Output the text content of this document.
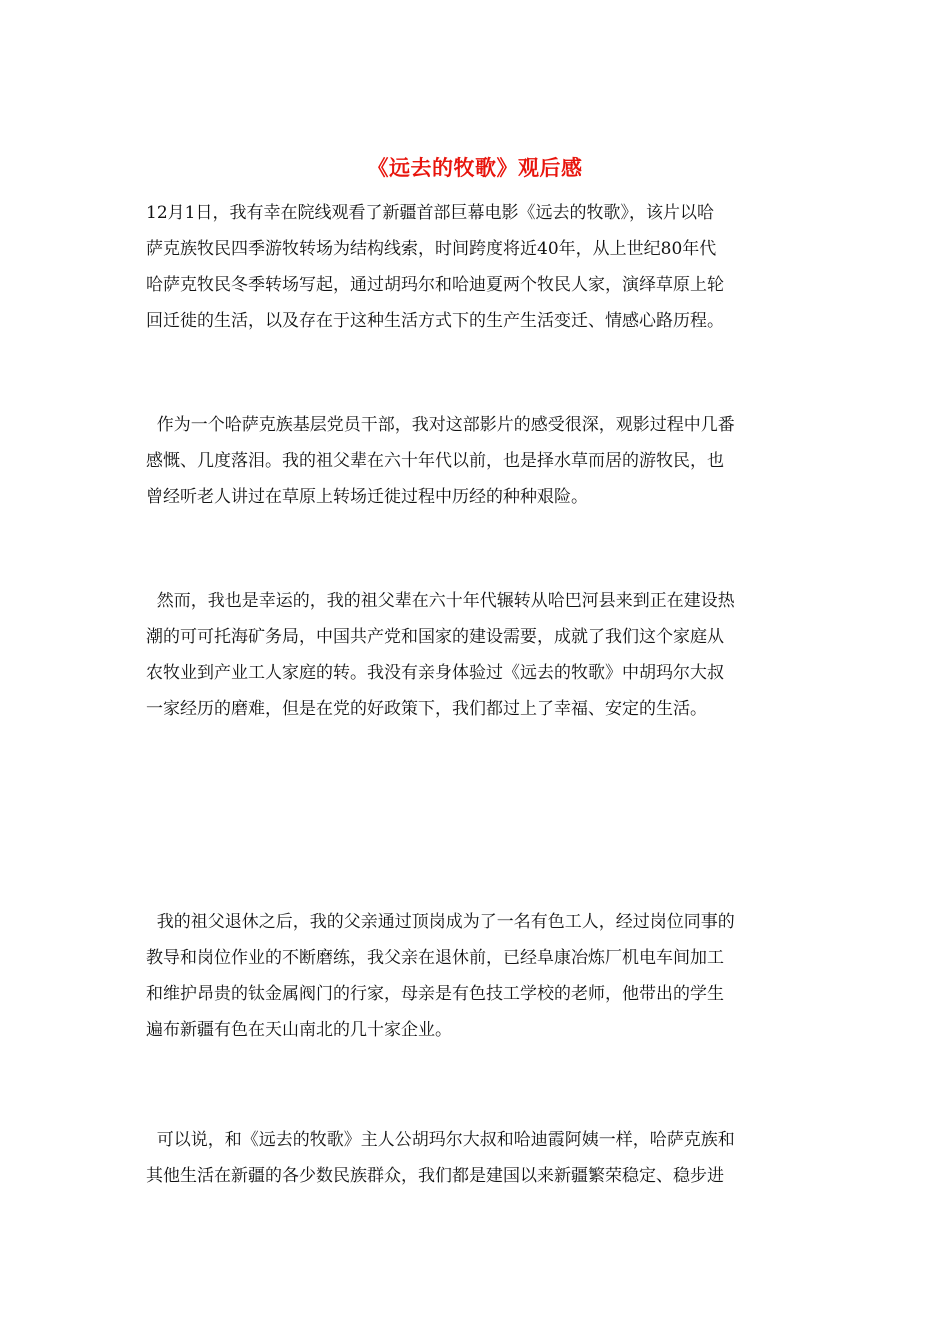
《远去的牧歌》观后感

12月1日，我有幸在院线观看了新疆首部巨幕电影《远去的牧歌》，该片以哈
萨克族牧民四季游牧转场为结构线索，时间跨度将近40年，从上世纪80年代
哈萨克牧民冬季转场写起，通过胡玛尔和哈迪夏两个牧民人家，演绎草原上轮
回迁徙的生活，以及存在于这种生活方式下的生产生活变迁、情感心路历程。

作为一个哈萨克族基层党员干部，我对这部影片的感受很深，观影过程中几番
感慨、几度落泪。我的祖父辈在六十年代以前，也是择水草而居的游牧民，也
曾经听老人讲过在草原上转场迁徙过程中历经的种种艰险。

然而，我也是幸运的，我的祖父辈在六十年代辗转从哈巴河县来到正在建设热
潮的可可托海矿务局，中国共产党和国家的建设需要，成就了我们这个家庭从
农牧业到产业工人家庭的转。我没有亲身体验过《远去的牧歌》中胡玛尔大叔
一家经历的磨难，但是在党的好政策下，我们都过上了幸福、安定的生活。

我的祖父退休之后，我的父亲通过顶岗成为了一名有色工人，经过岗位同事的
教导和岗位作业的不断磨练，我父亲在退休前，已经阜康冶炼厂机电车间加工
和维护昂贵的钛金属阀门的行家，母亲是有色技工学校的老师，他带出的学生
遍布新疆有色在天山南北的几十家企业。

可以说，和《远去的牧歌》主人公胡玛尔大叔和哈迪霞阿姨一样，哈萨克族和
其他生活在新疆的各少数民族群众，我们都是建国以来新疆繁荣稳定、稳步进
